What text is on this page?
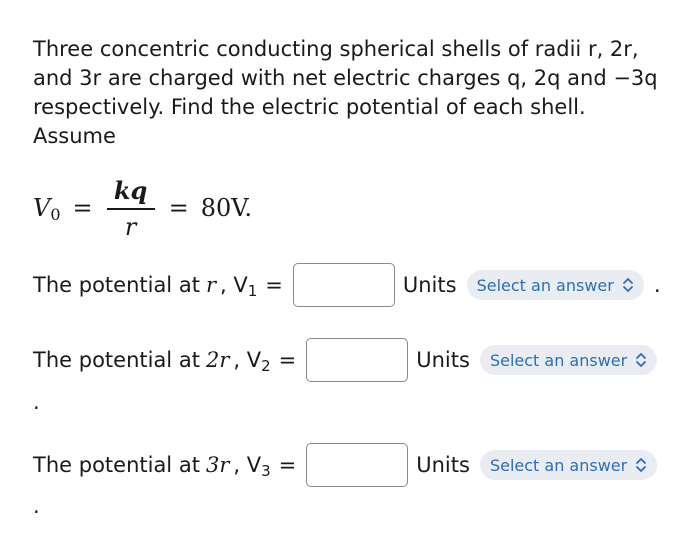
Three concentric conducting spherical shells of radii r, 2r, and 3r are charged with net electric charges q, 2q and −3q respectively. Find the electric potential of each shell. Assume
V $0 = \frac{kq}{r} = 80V$.
The potential at r , V 1 =	Units Select an answer .
The potential at 2r , V 2 =	Units Select an answer
.
The potential at 3r , V 3 =	Units Select an answer
.
